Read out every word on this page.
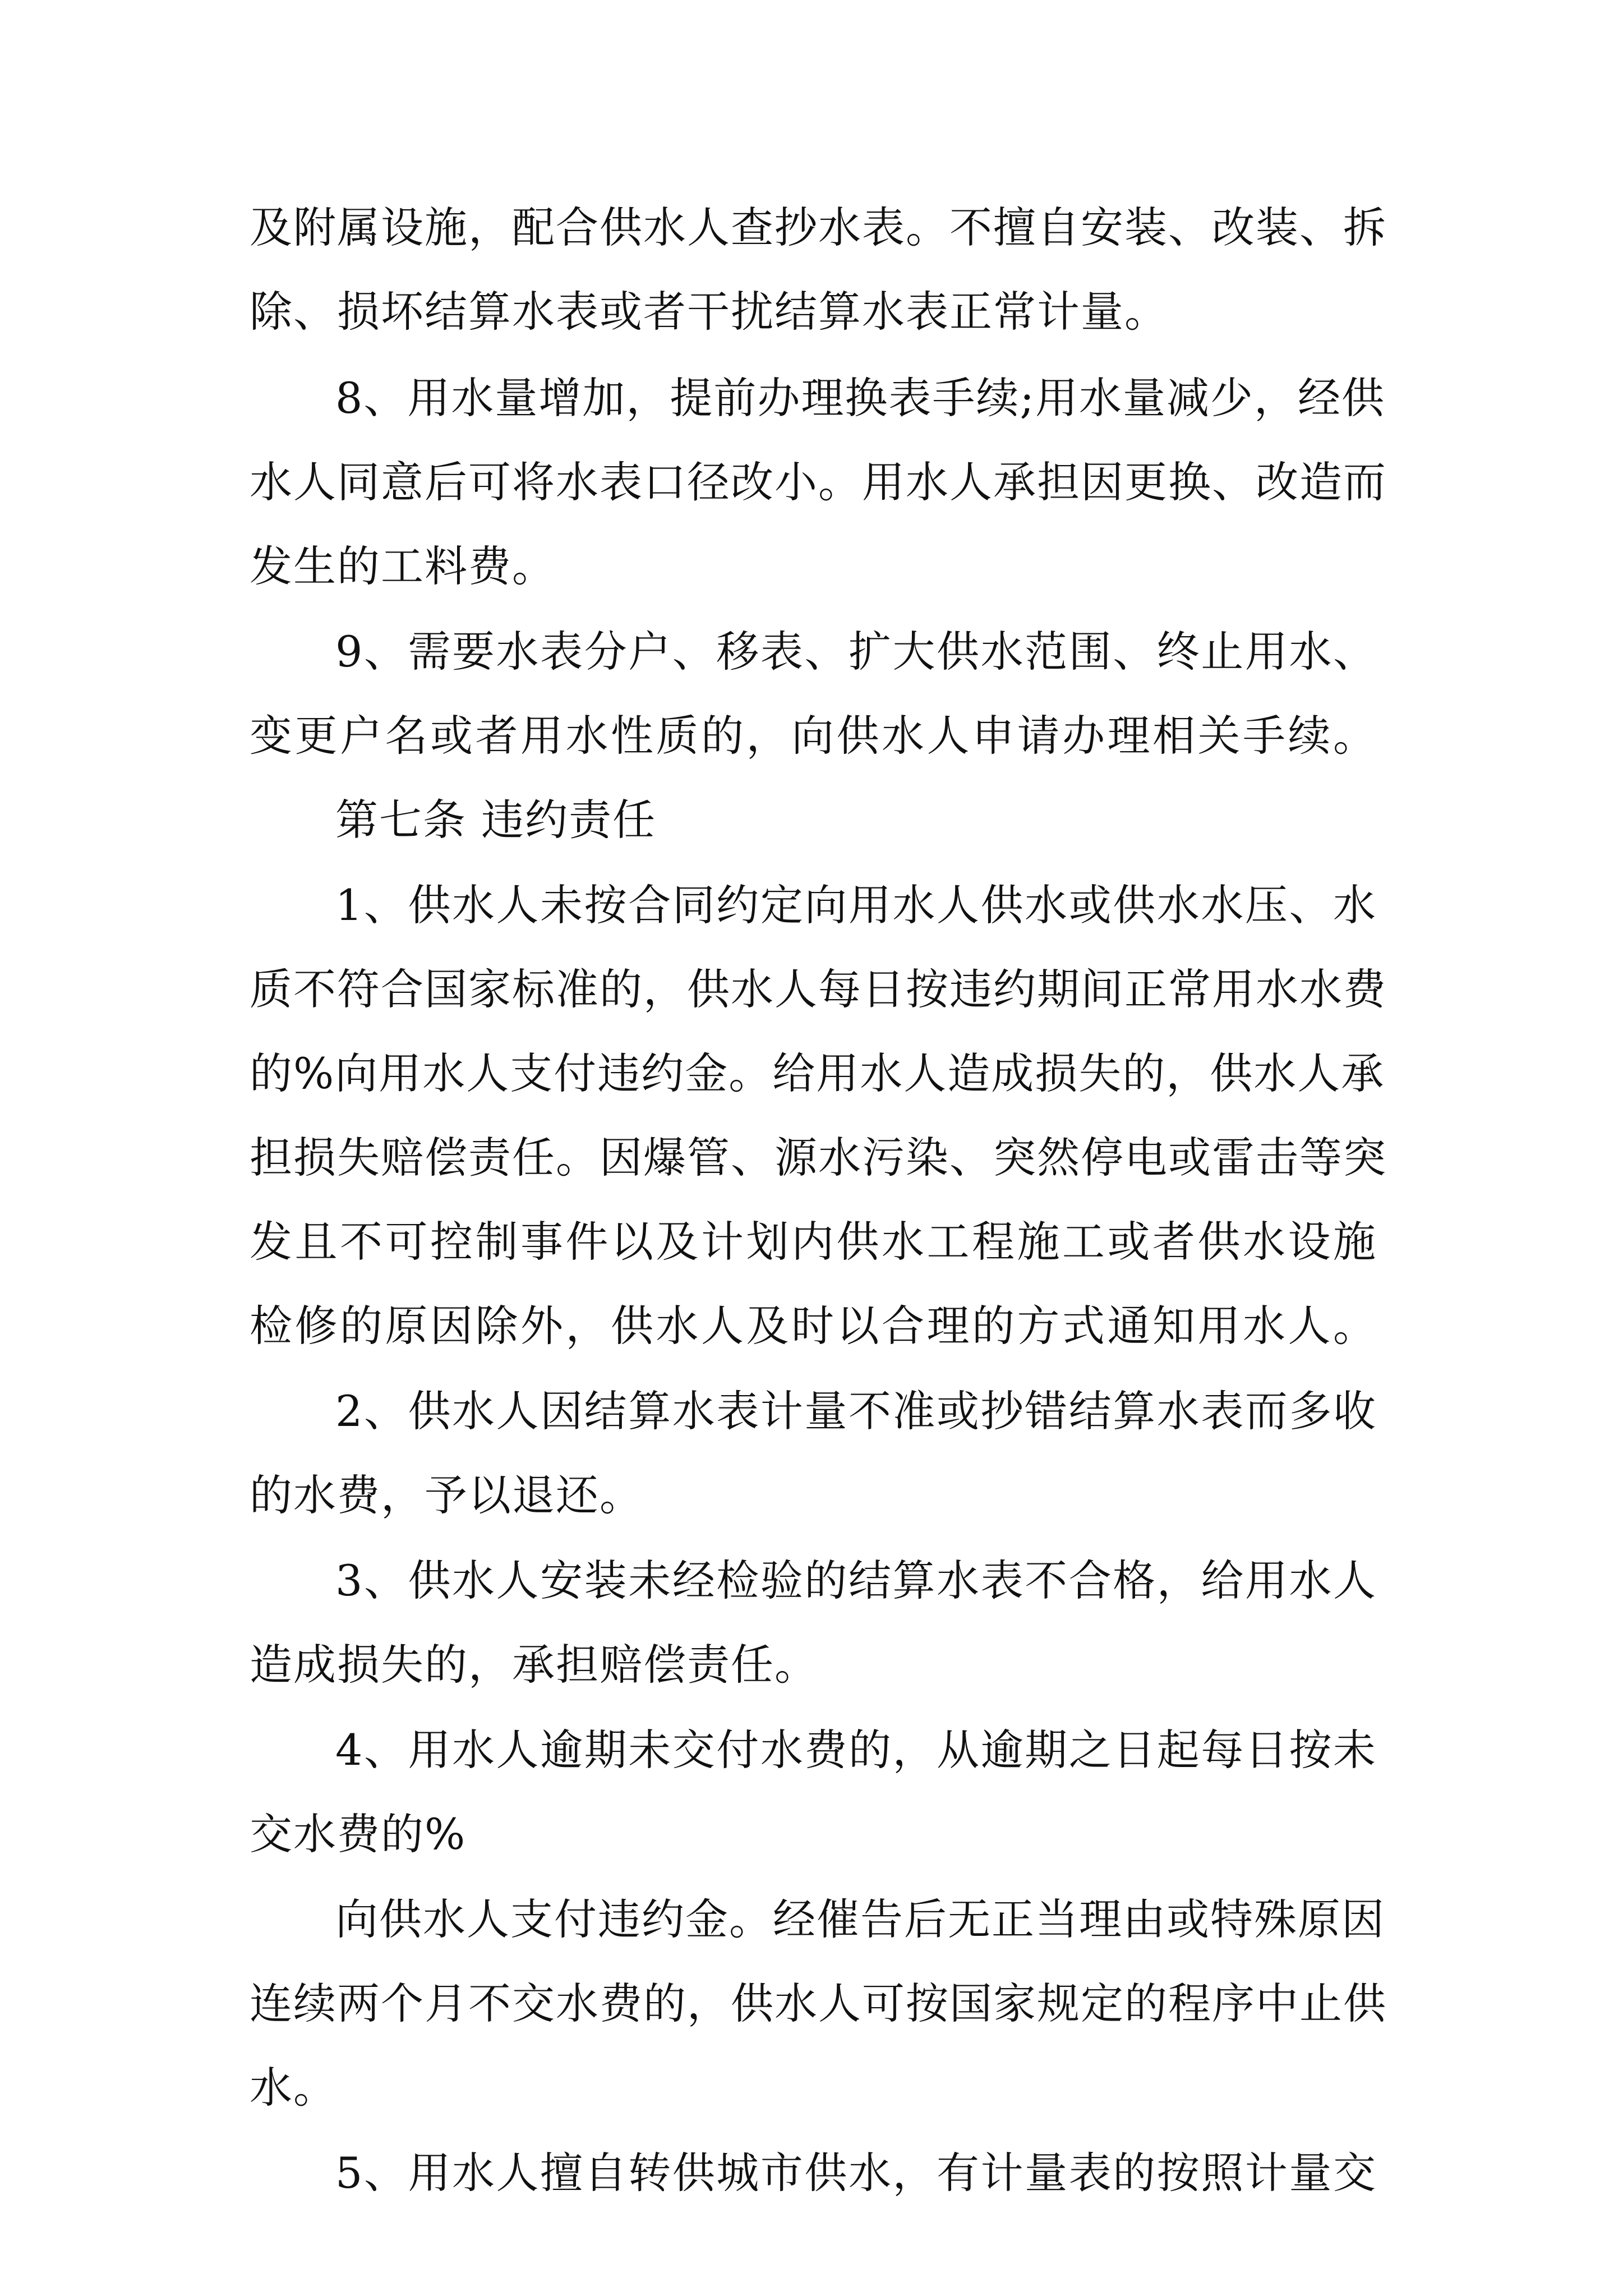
及附属设施，配合供水人查抄水表。不擅自安装、改装、拆
除、损坏结算水表或者干扰结算水表正常计量。
8、用水量增加，提前办理换表手续;用水量减少，经供
水人同意后可将水表口径改小。用水人承担因更换、改造而
发生的工料费。
9、需要水表分户、移表、扩大供水范围、终止用水、
变更户名或者用水性质的，向供水人申请办理相关手续。
第七条 违约责任
1、供水人未按合同约定向用水人供水或供水水压、水
质不符合国家标准的，供水人每日按违约期间正常用水水费
的%向用水人支付违约金。给用水人造成损失的，供水人承
担损失赔偿责任。因爆管、源水污染、突然停电或雷击等突
发且不可控制事件以及计划内供水工程施工或者供水设施
检修的原因除外，供水人及时以合理的方式通知用水人。
2、供水人因结算水表计量不准或抄错结算水表而多收
的水费，予以退还。
3、供水人安装未经检验的结算水表不合格，给用水人
造成损失的，承担赔偿责任。
4、用水人逾期未交付水费的，从逾期之日起每日按未
交水费的%
向供水人支付违约金。经催告后无正当理由或特殊原因
连续两个月不交水费的，供水人可按国家规定的程序中止供
水。
5、用水人擅自转供城市供水，有计量表的按照计量交
